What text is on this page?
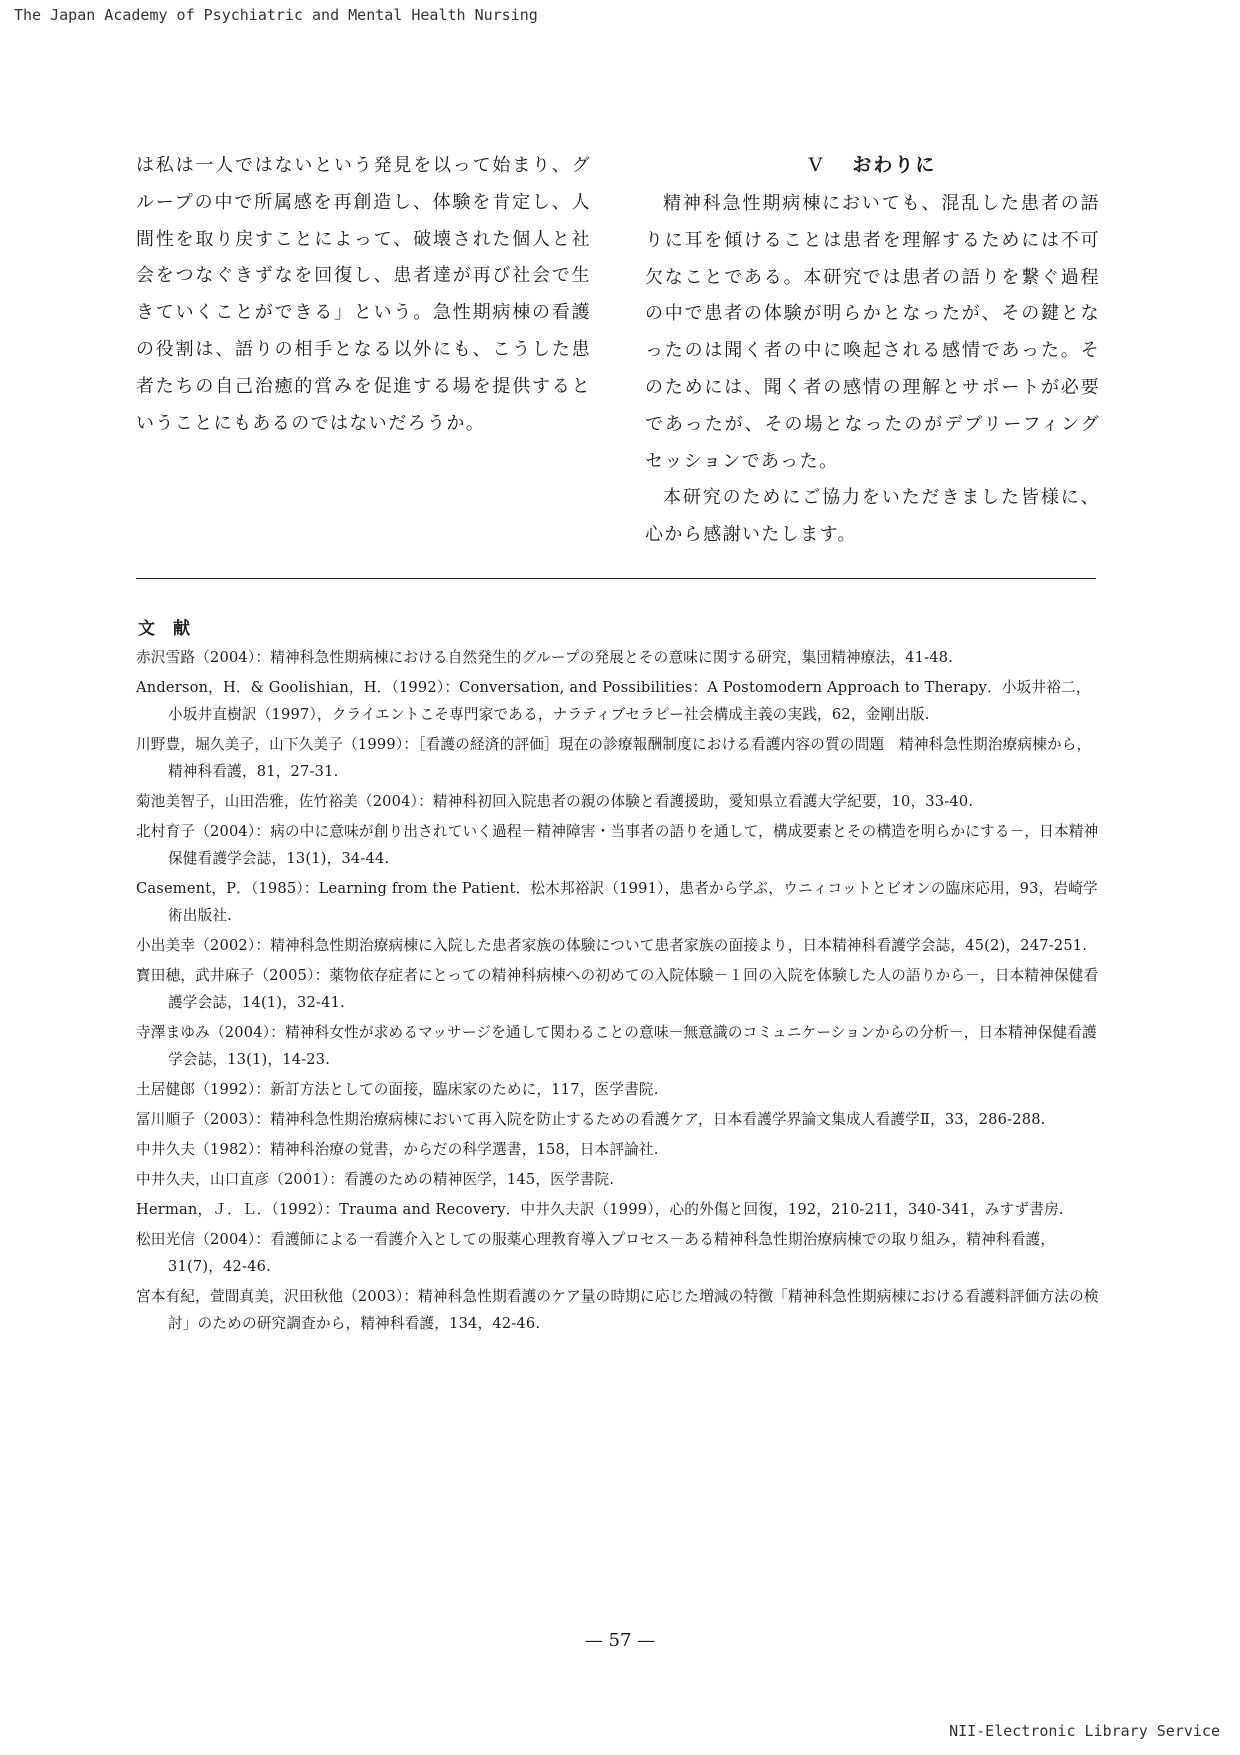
The Japan Academy of Psychiatric and Mental Health Nursing

は私は一人ではないという発見を以って始まり、グループの中で所属感を再創造し、体験を肯定し、人間性を取り戻すことによって、破壊された個人と社会をつなぐきずなを回復し、患者達が再び社会で生きていくことができる」という。急性期病棟の看護の役割は、語りの相手となる以外にも、こうした患者たちの自己治癒的営みを促進する場を提供するということにもあるのではないだろうか。

V おわりに

精神科急性期病棟においても、混乱した患者の語りに耳を傾けることは患者を理解するためには不可欠なことである。本研究では患者の語りを繋ぐ過程の中で患者の体験が明らかとなったが、その鍵となったのは聞く者の中に喚起される感情であった。そのためには、聞く者の感情の理解とサポートが必要であったが、その場となったのがデブリーフィングセッションであった。

本研究のためにご協力をいただきました皆様に、心から感謝いたします。

文献

赤沢雪路（2004）：精神科急性期病棟における自然発生的グループの発展とその意味に関する研究，集団精神療法，41-48.

Anderson，H．& Goolishian，H．（1992）：Conversation, and Possibilities：A Postomodern Approach to Therapy．小坂井裕二，小坂井直樹訳（1997），クライエントこそ専門家である，ナラティブセラピー社会構成主義の実践，62，金剛出版.

川野豊，堀久美子，山下久美子（1999）：［看護の経済的評価］現在の診療報酬制度における看護内容の質の問題　精神科急性期治療病棟から，精神科看護，81，27-31.

菊池美智子，山田浩雅，佐竹裕美（2004）：精神科初回入院患者の親の体験と看護援助，愛知県立看護大学紀要，10，33-40.

北村育子（2004）：病の中に意味が創り出されていく過程－精神障害・当事者の語りを通して，構成要素とその構造を明らかにする－，日本精神保健看護学会誌，13(1)，34-44.

Casement，P．（1985）：Learning from the Patient．松木邦裕訳（1991），患者から学ぶ，ウニィコットとビオンの臨床応用，93，岩崎学術出版社.

小出美幸（2002）：精神科急性期治療病棟に入院した患者家族の体験について患者家族の面接より，日本精神科看護学会誌，45(2)，247-251.

寳田穂，武井麻子（2005）：薬物依存症者にとっての精神科病棟への初めての入院体験－１回の入院を体験した人の語りから－，日本精神保健看護学会誌，14(1)，32-41.

寺澤まゆみ（2004）：精神科女性が求めるマッサージを通して関わることの意味－無意識のコミュニケーションからの分析－，日本精神保健看護学会誌，13(1)，14-23.

土居健郎（1992）：新訂方法としての面接，臨床家のために，117，医学書院.

冨川順子（2003）：精神科急性期治療病棟において再入院を防止するための看護ケア，日本看護学界論文集成人看護学Ⅱ，33，286-288.

中井久夫（1982）：精神科治療の覚書，からだの科学選書，158，日本評論社.

中井久夫，山口直彦（2001）：看護のための精神医学，145，医学書院.

Herman，Ｊ．Ｌ．（1992）：Trauma and Recovery．中井久夫訳（1999），心的外傷と回復，192，210-211，340-341，みすず書房.

松田光信（2004）：看護師による一看護介入としての服薬心理教育導入プロセス－ある精神科急性期治療病棟での取り組み，精神科看護，31(7)，42-46.

宮本有紀，萱間真美，沢田秋他（2003）：精神科急性期看護のケア量の時期に応じた増減の特徴「精神科急性期病棟における看護料評価方法の検討」のための研究調査から，精神科看護，134，42-46.

— 57 —
NII-Electronic Library Service
